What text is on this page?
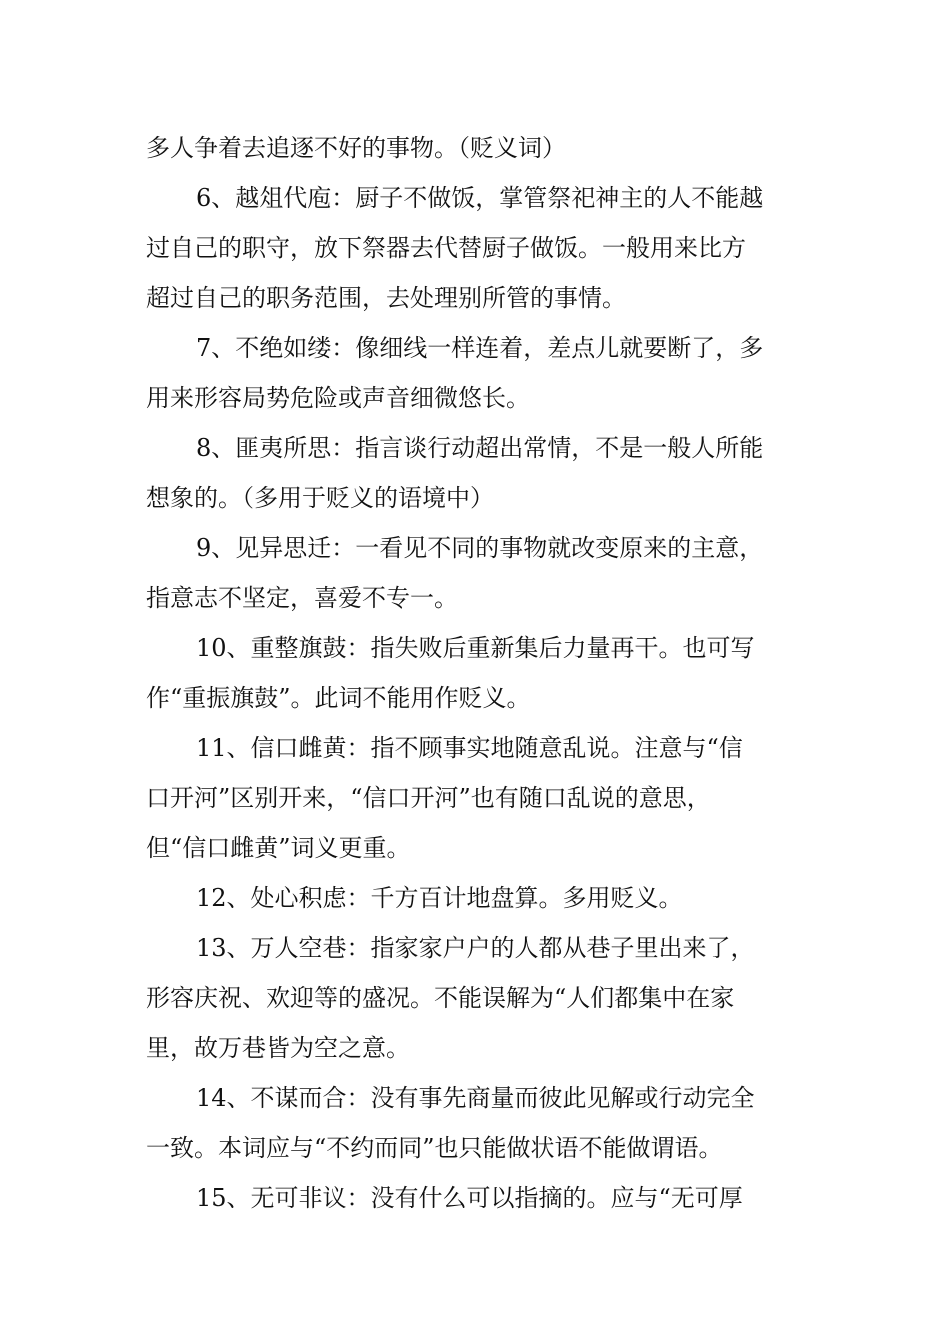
多人争着去追逐不好的事物。（贬义词）
6、越俎代庖：厨子不做饭，掌管祭祀神主的人不能越
过自己的职守，放下祭器去代替厨子做饭。一般用来比方
超过自己的职务范围，去处理别所管的事情。
7、不绝如缕：像细线一样连着，差点儿就要断了，多
用来形容局势危险或声音细微悠长。
8、匪夷所思：指言谈行动超出常情，不是一般人所能
想象的。（多用于贬义的语境中）
9、见异思迁：一看见不同的事物就改变原来的主意，
指意志不坚定，喜爱不专一。
10、重整旗鼓：指失败后重新集后力量再干。也可写
作“重振旗鼓”。此词不能用作贬义。
11、信口雌黄：指不顾事实地随意乱说。注意与“信
口开河”区别开来，“信口开河”也有随口乱说的意思，
但“信口雌黄”词义更重。
12、处心积虑：千方百计地盘算。多用贬义。
13、万人空巷：指家家户户的人都从巷子里出来了，
形容庆祝、欢迎等的盛况。不能误解为“人们都集中在家
里，故万巷皆为空之意。
14、不谋而合：没有事先商量而彼此见解或行动完全
一致。本词应与“不约而同”也只能做状语不能做谓语。
15、无可非议：没有什么可以指摘的。应与“无可厚
